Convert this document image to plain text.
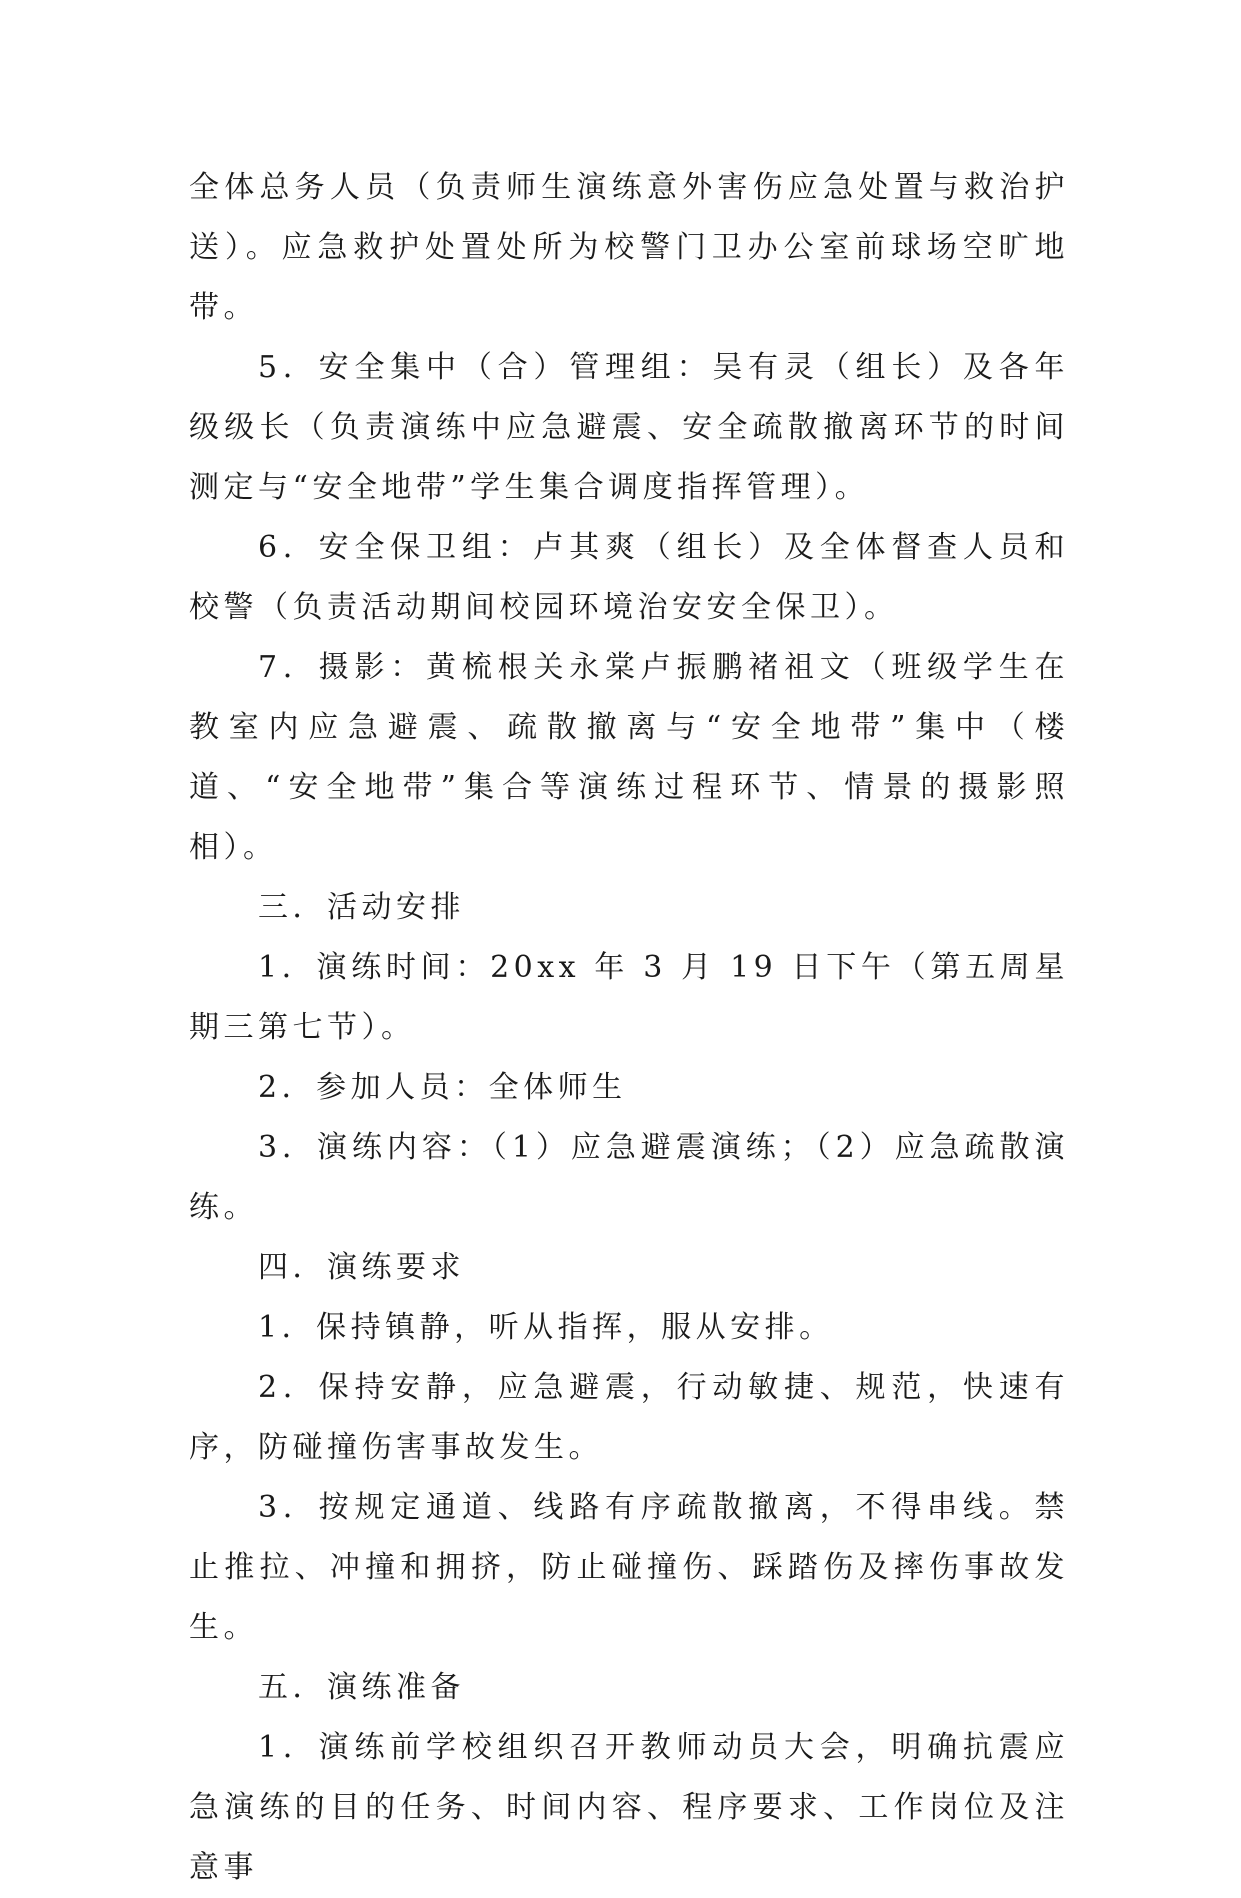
全体总务人员（负责师生演练意外害伤应急处置与救治护送）。应急救护处置处所为校警门卫办公室前球场空旷地带。

5．安全集中（合）管理组：吴有灵（组长）及各年级级长（负责演练中应急避震、安全疏散撤离环节的时间测定与“安全地带”学生集合调度指挥管理）。

6．安全保卫组：卢其爽（组长）及全体督查人员和校警（负责活动期间校园环境治安安全保卫）。

7．摄影：黄梳根关永棠卢振鹏褚祖文（班级学生在教室内应急避震、疏散撤离与“安全地带”集中（楼道、“安全地带”集合等演练过程环节、情景的摄影照相）。

三．活动安排

1．演练时间：20xx 年 3 月 19 日下午（第五周星期三第七节）。

2．参加人员：全体师生

3．演练内容：（1）应急避震演练；（2）应急疏散演练。

四．演练要求

1．保持镇静，听从指挥，服从安排。

2．保持安静，应急避震，行动敏捷、规范，快速有序，防碰撞伤害事故发生。

3．按规定通道、线路有序疏散撤离，不得串线。禁止推拉、冲撞和拥挤，防止碰撞伤、踩踏伤及摔伤事故发生。

五．演练准备

1．演练前学校组织召开教师动员大会，明确抗震应急演练的目的任务、时间内容、程序要求、工作岗位及注意事
